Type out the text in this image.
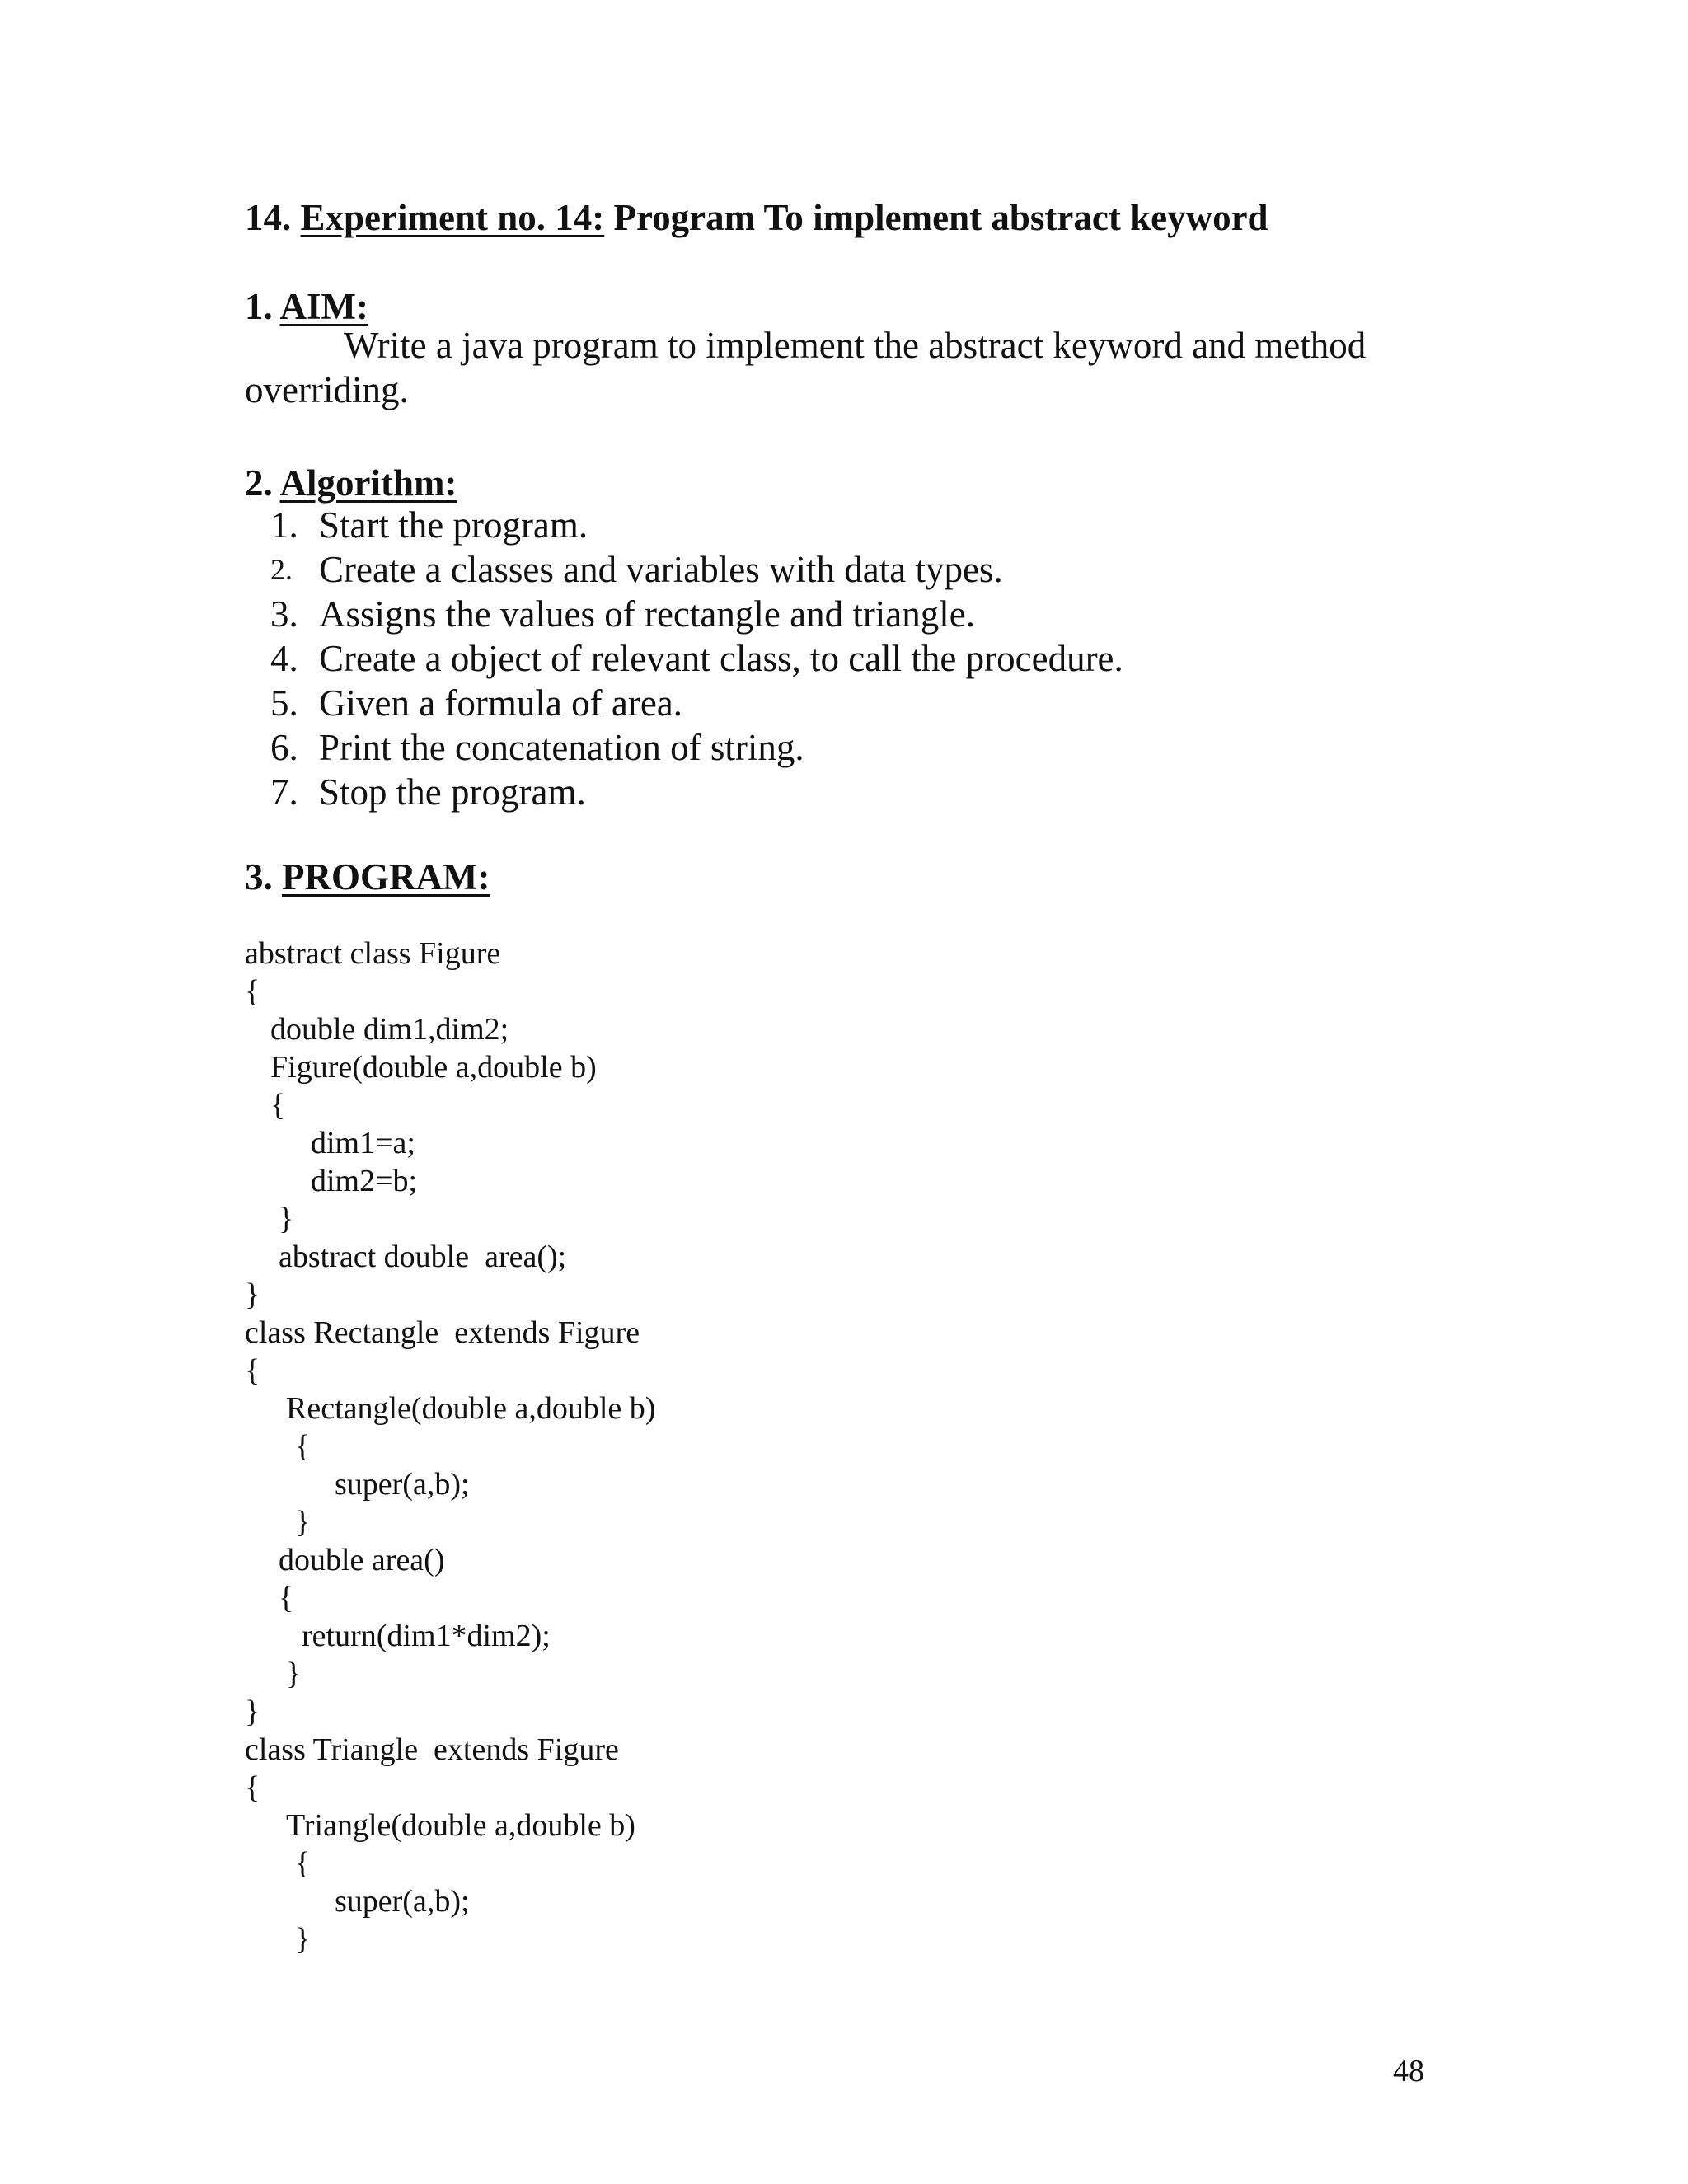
14. Experiment no. 14: Program To implement abstract keyword
1. AIM:
Write a java program to implement the abstract keyword and method overriding.
2. Algorithm:
1. Start the program.
2. Create a classes and variables with data types.
3. Assigns the values of rectangle and triangle.
4. Create a object of relevant class, to call the procedure.
5. Given a formula of area.
6. Print the concatenation of string.
7. Stop the program.
3. PROGRAM:
abstract class Figure
{
double dim1,dim2;
Figure(double a,double b)
{
dim1=a;
dim2=b;
}
abstract double  area();
}
class Rectangle  extends Figure
{
Rectangle(double a,double b)
{
super(a,b);
}
double area()
{
return(dim1*dim2);
}
}
class Triangle  extends Figure
{
Triangle(double a,double b)
{
super(a,b);
}
48
